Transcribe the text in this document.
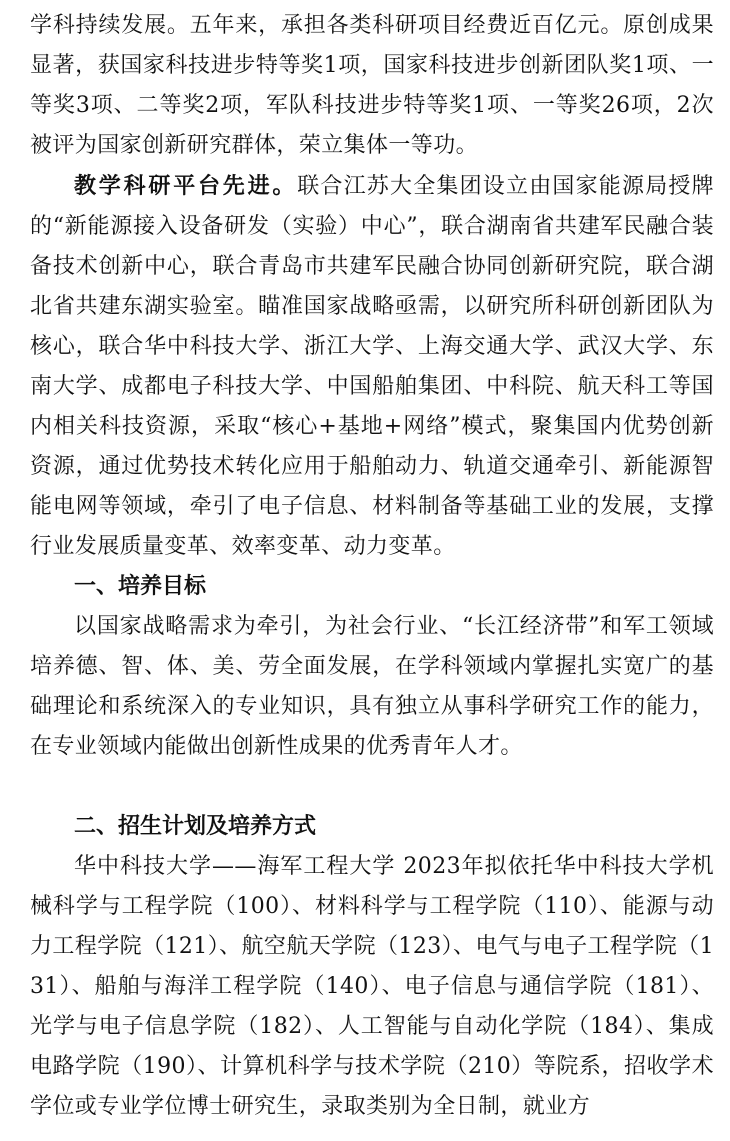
学科持续发展。五年来，承担各类科研项目经费近百亿元。原创成果显著，获国家科技进步特等奖1项，国家科技进步创新团队奖1项、一等奖3项、二等奖2项，军队科技进步特等奖1项、一等奖26项，2次被评为国家创新研究群体，荣立集体一等功。

教学科研平台先进。联合江苏大全集团设立由国家能源局授牌的“新能源接入设备研发（实验）中心”，联合湖南省共建军民融合装备技术创新中心，联合青岛市共建军民融合协同创新研究院，联合湖北省共建东湖实验室。瞄准国家战略亟需，以研究所科研创新团队为核心，联合华中科技大学、浙江大学、上海交通大学、武汉大学、东南大学、成都电子科技大学、中国船舶集团、中科院、航天科工等国内相关科技资源，采取“核心+基地+网络”模式，聚集国内优势创新资源，通过优势技术转化应用于船舶动力、轨道交通牵引、新能源智能电网等领域，牵引了电子信息、材料制备等基础工业的发展，支撑行业发展质量变革、效率变革、动力变革。

一、培养目标

以国家战略需求为牵引，为社会行业、“长江经济带”和军工领域培养德、智、体、美、劳全面发展，在学科领域内掌握扎实宽广的基础理论和系统深入的专业知识，具有独立从事科学研究工作的能力，在专业领域内能做出创新性成果的优秀青年人才。

二、招生计划及培养方式

华中科技大学——海军工程大学 2023年拟依托华中科技大学机械科学与工程学院（100）、材料科学与工程学院（110）、能源与动力工程学院（121）、航空航天学院（123）、电气与电子工程学院（131）、船舶与海洋工程学院（140）、电子信息与通信学院（181）、光学与电子信息学院（182）、人工智能与自动化学院（184）、集成电路学院（190）、计算机科学与技术学院（210）等院系，招收学术学位或专业学位博士研究生，录取类别为全日制，就业方
